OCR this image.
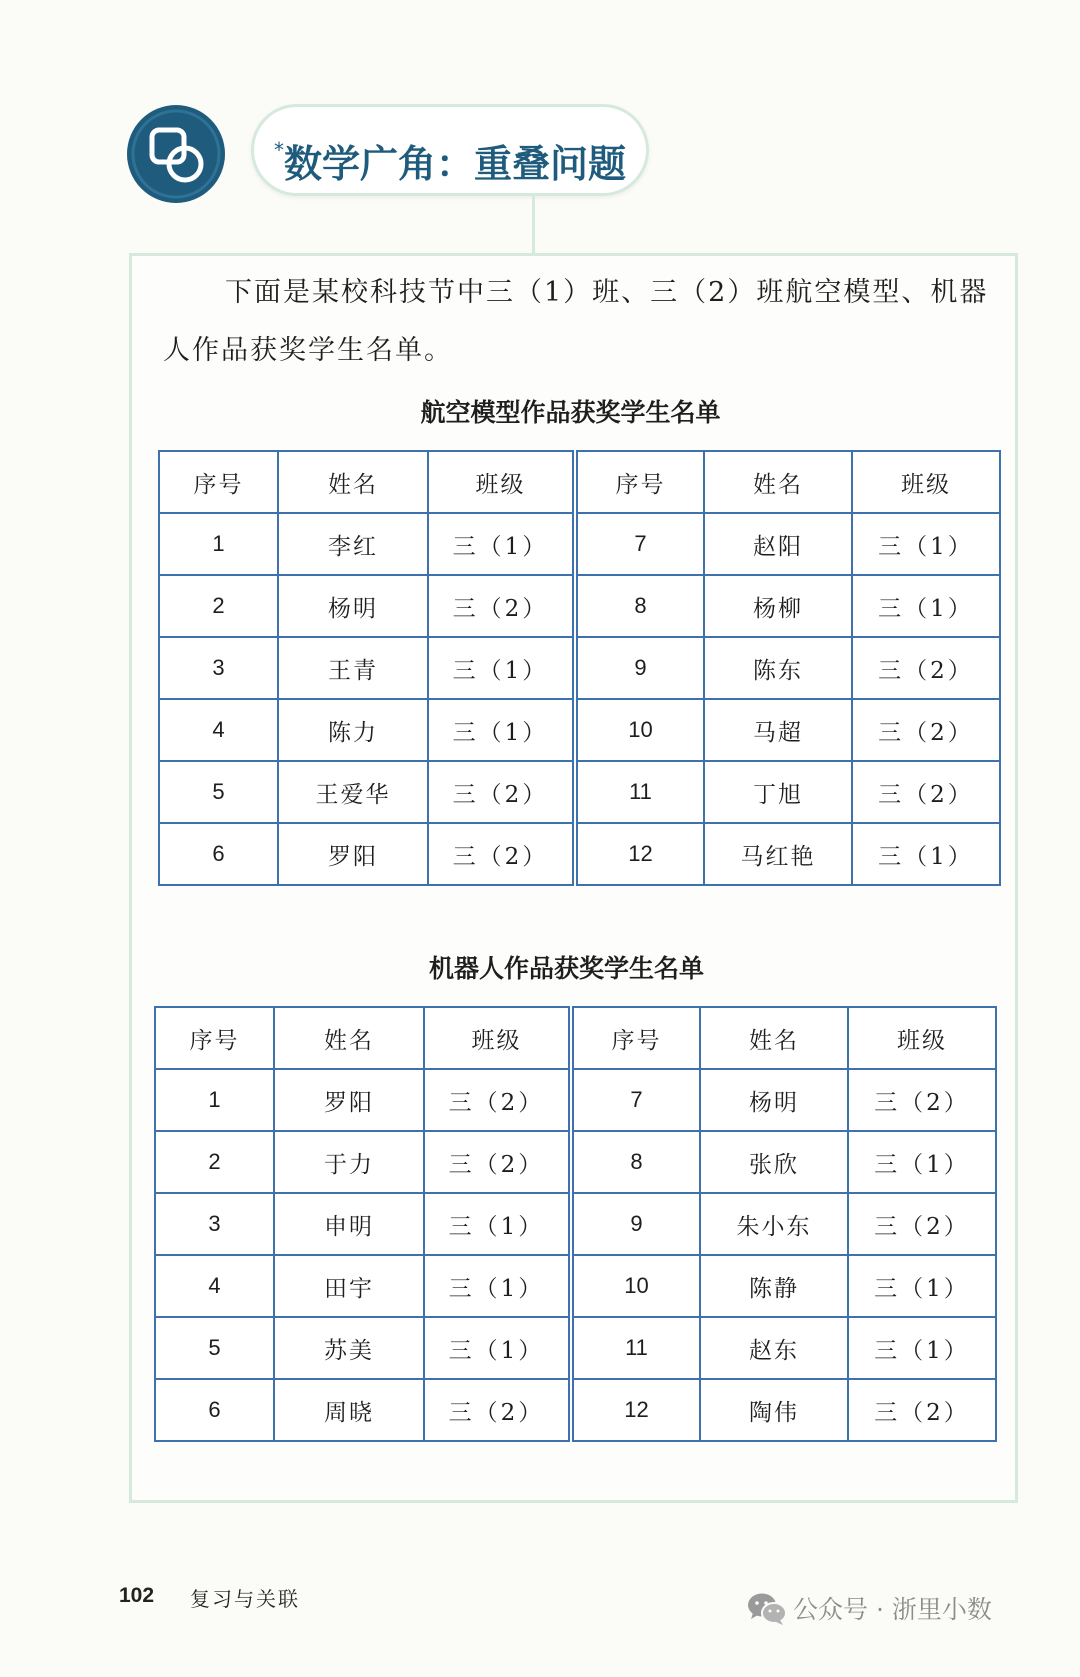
*数学广角：重叠问题

下面是某校科技节中三（1）班、三（2）班航空模型、机器人作品获奖学生名单。

航空模型作品获奖学生名单
序号	姓名	班级	序号	姓名	班级
1	李红	三（1）	7	赵阳	三（1）
2	杨明	三（2）	8	杨柳	三（1）
3	王青	三（1）	9	陈东	三（2）
4	陈力	三（1）	10	马超	三（2）
5	王爱华	三（2）	11	丁旭	三（2）
6	罗阳	三（2）	12	马红艳	三（1）
机器人作品获奖学生名单
序号	姓名	班级	序号	姓名	班级
1	罗阳	三（2）	7	杨明	三（2）
2	于力	三（2）	8	张欣	三（1）
3	申明	三（1）	9	朱小东	三（2）
4	田宇	三（1）	10	陈静	三（1）
5	苏美	三（1）	11	赵东	三（1）
6	周晓	三（2）	12	陶伟	三（2）
102 复习与关联	公众号 · 浙里小数
